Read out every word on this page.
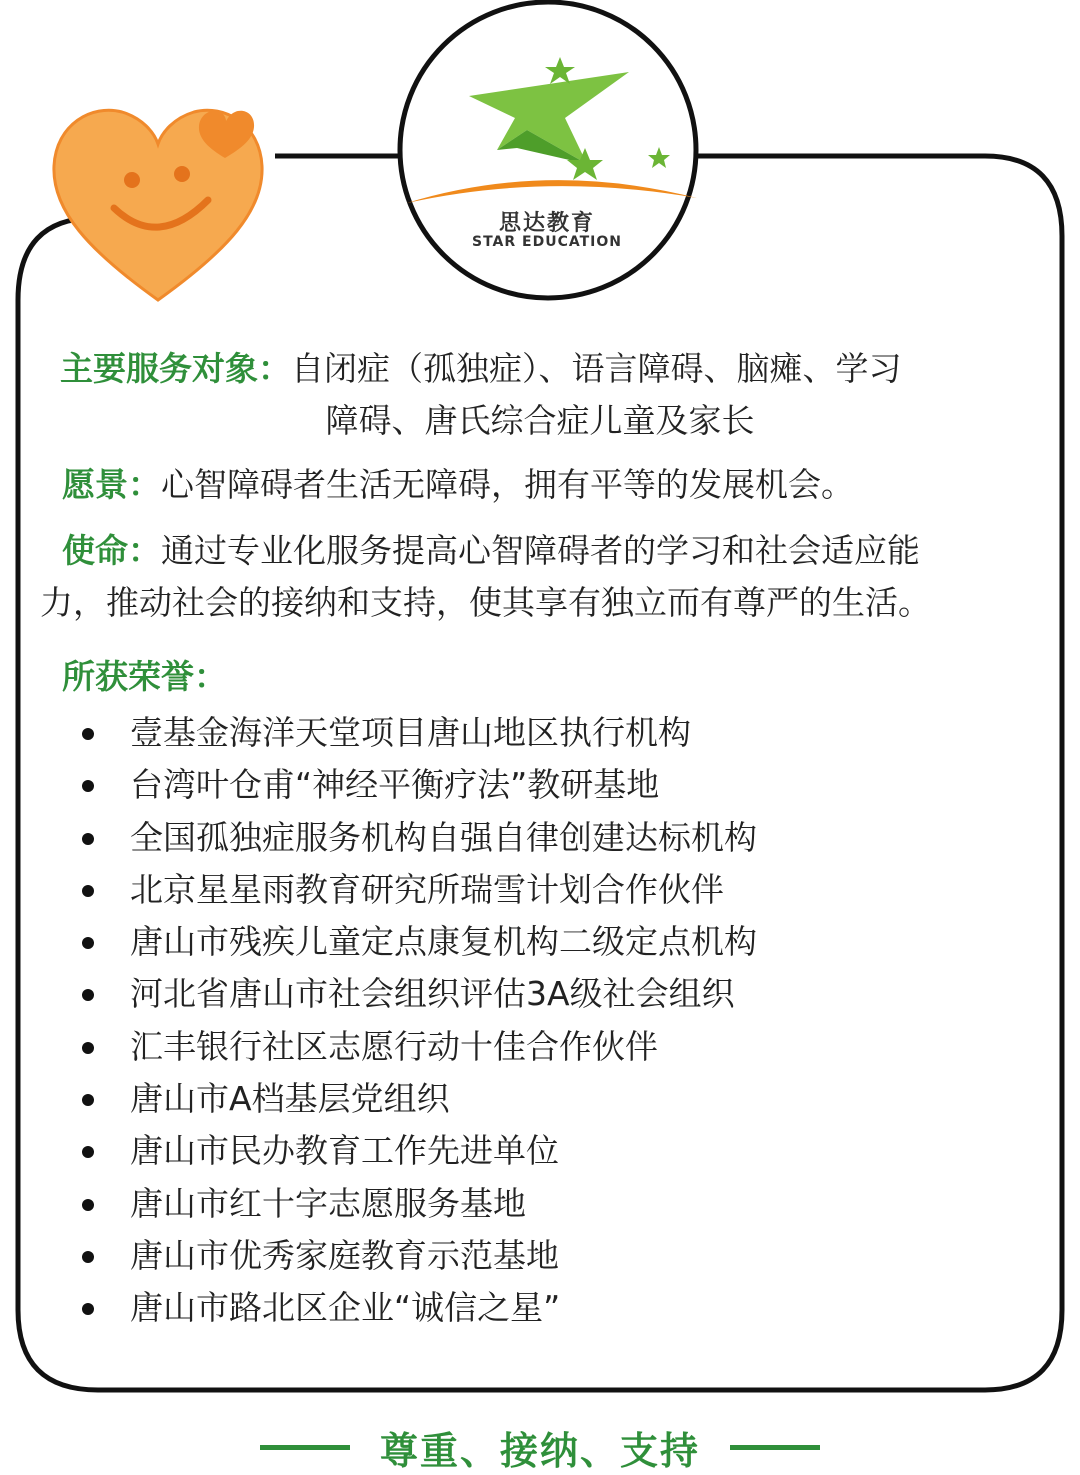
思达教育
STAR EDUCATION

主要服务对象：自闭症（孤独症）、语言障碍、脑瘫、学习
障碍、唐氏综合症儿童及家长

愿景：心智障碍者生活无障碍，拥有平等的发展机会。

使命：通过专业化服务提高心智障碍者的学习和社会适应能
力，推动社会的接纳和支持，使其享有独立而有尊严的生活。

所获荣誉：

壹基金海洋天堂项目唐山地区执行机构
台湾叶仓甫“神经平衡疗法”教研基地
全国孤独症服务机构自强自律创建达标机构
北京星星雨教育研究所瑞雪计划合作伙伴
唐山市残疾儿童定点康复机构二级定点机构
河北省唐山市社会组织评估3A级社会组织
汇丰银行社区志愿行动十佳合作伙伴
唐山市A档基层党组织
唐山市民办教育工作先进单位
唐山市红十字志愿服务基地
唐山市优秀家庭教育示范基地
唐山市路北区企业“诚信之星”
尊重、接纳、支持
